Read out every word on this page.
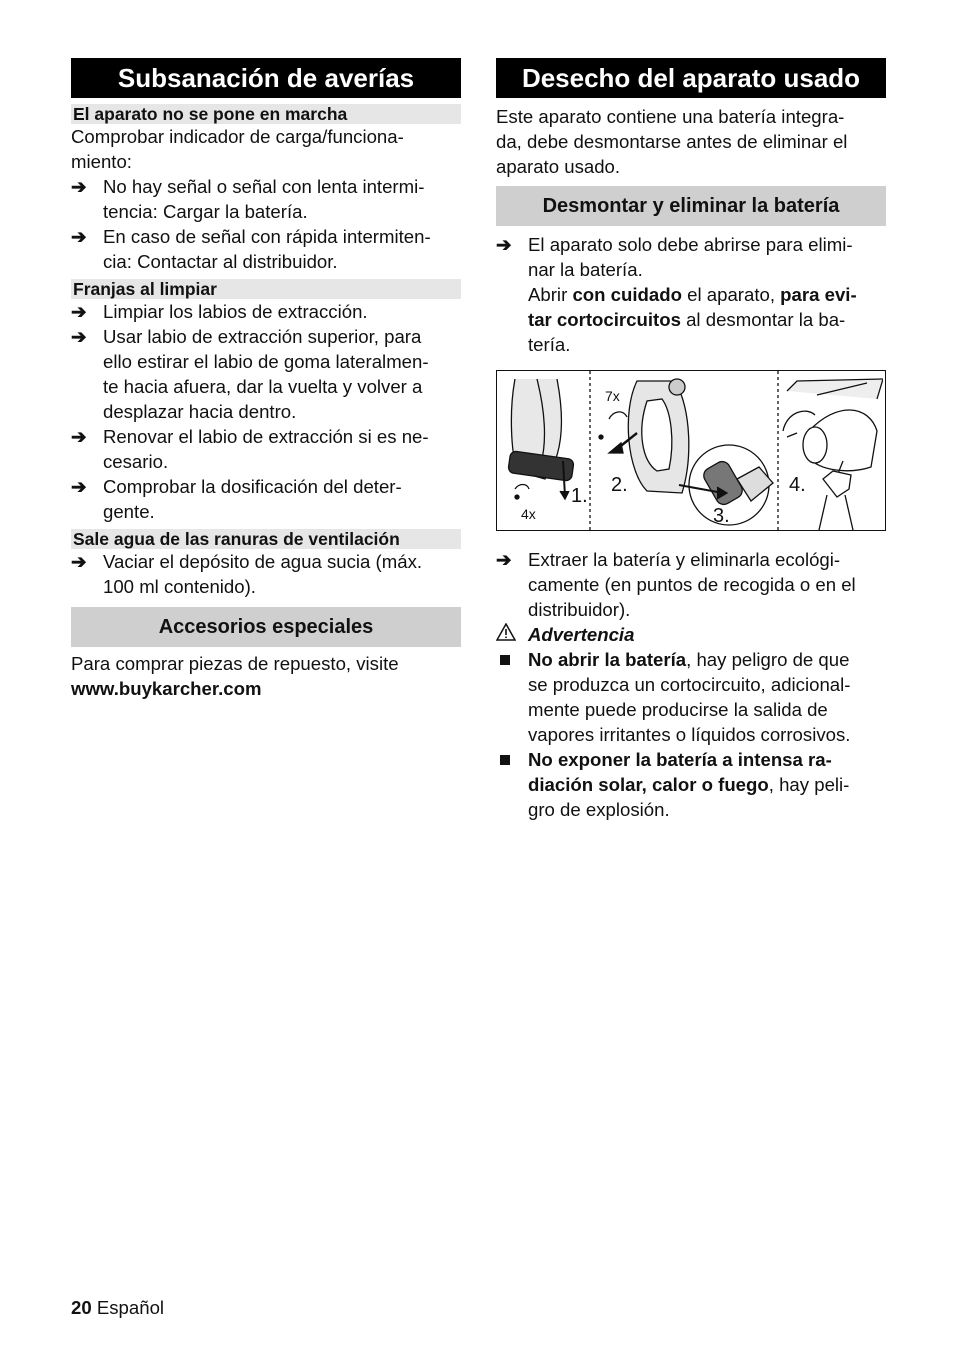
Subsanación de averías
El aparato no se pone en marcha

Comprobar indicador de carga/funciona-

miento:

➔ No hay señal o señal con lenta intermi-

tencia: Cargar la batería.

➔ En caso de señal con rápida intermiten-

cia: Contactar al distribuidor.

Franjas al limpiar
➔ Limpiar los labios de extracción.

➔ Usar labio de extracción superior, para

ello estirar el labio de goma lateralmen-

te hacia afuera, dar la vuelta y volver a

desplazar hacia dentro.

➔ Renovar el labio de extracción si es ne-

cesario.

➔ Comprobar la dosificación del deter-

gente.

Sale agua de las ranuras de ventilación
➔ Vaciar el depósito de agua sucia (máx.

100 ml contenido).

Accesorios especiales

Para comprar piezas de repuesto, visite

www.buykarcher.com

Desecho del aparato usado

Este aparato contiene una batería integra-

da, debe desmontarse antes de eliminar el

aparato usado.

Desmontar y eliminar la batería
➔ El aparato solo debe abrirse para elimi-

nar la batería.

Abrir con cuidado el aparato, para evi-

tar cortocircuitos al desmontar la ba-

tería.

1. 2.
3.
4.
4x
7x
➔ Extraer la batería y eliminarla ecológi-

camente (en puntos de recogida o en el

distribuidor).

Advertencia

No abrir la batería, hay peligro de que

se produzca un cortocircuito, adicional-

mente puede producirse la salida de

vapores irritantes o líquidos corrosivos.

No exponer la batería a intensa ra-

diación solar, calor o fuego, hay peli-

gro de explosión.

20 Español
